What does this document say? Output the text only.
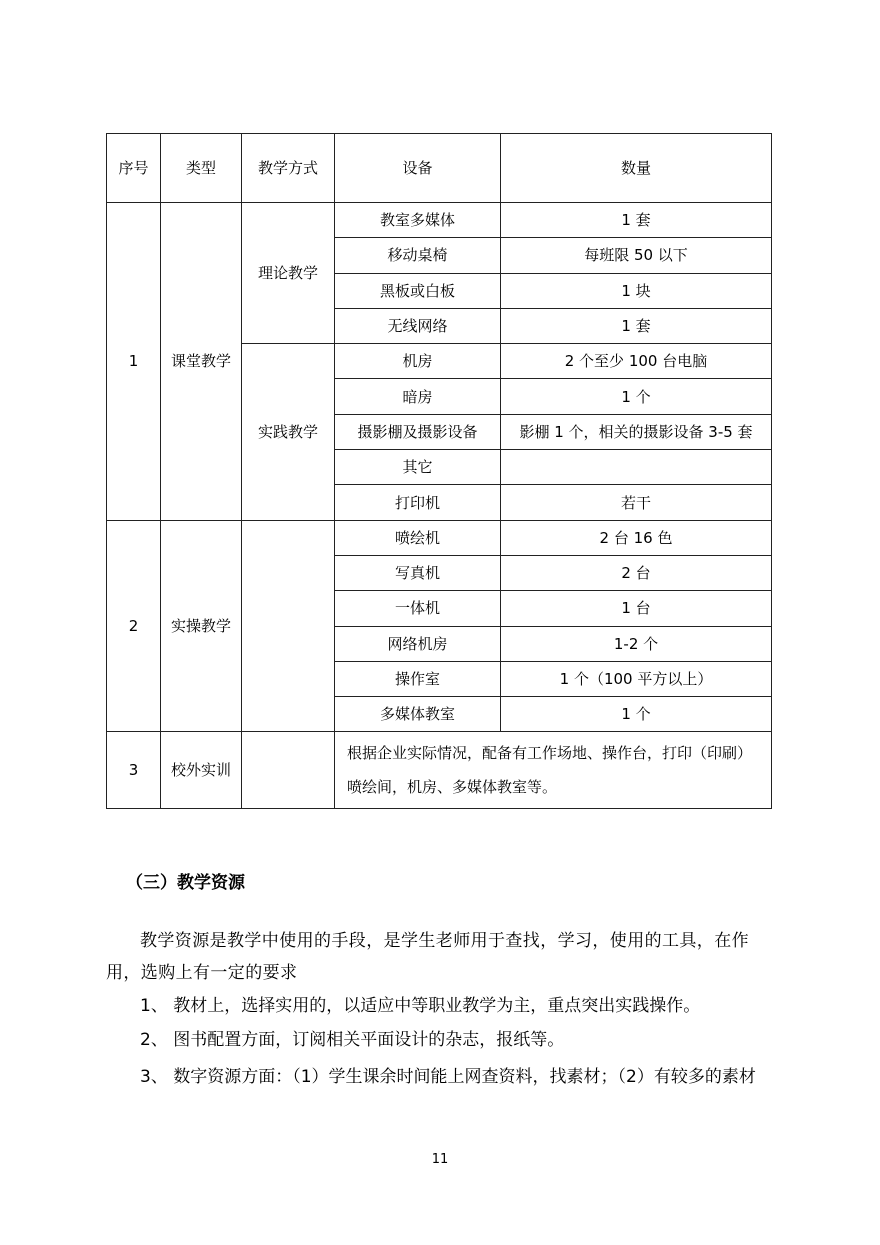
序号	类型	教学方式	设备	数量
1	课堂教学	理论教学	教室多媒体	1 套
			移动桌椅	每班限 50 以下
			黑板或白板	1 块
			无线网络	1 套
		实践教学	机房	2 个至少 100 台电脑
			暗房	1 个
			摄影棚及摄影设备	影棚 1 个，相关的摄影设备 3-5 套
			其它	
			打印机	若干
2	实操教学		喷绘机	2 台 16 色
			写真机	2 台
			一体机	1 台
			网络机房	1-2 个
			操作室	1 个（100 平方以上）
			多媒体教室	1 个
3	校外实训		根据企业实际情况，配备有工作场地、操作台，打印（印刷）喷绘间，机房、多媒体教室等。	
（三）教学资源

教学资源是教学中使用的手段，是学生老师用于查找，学习，使用的工具，在作用，选购上有一定的要求

1、 教材上，选择实用的，以适应中等职业教学为主，重点突出实践操作。

2、 图书配置方面，订阅相关平面设计的杂志，报纸等。

3、 数字资源方面：（1）学生课余时间能上网查资料，找素材；（2）有较多的素材

11
